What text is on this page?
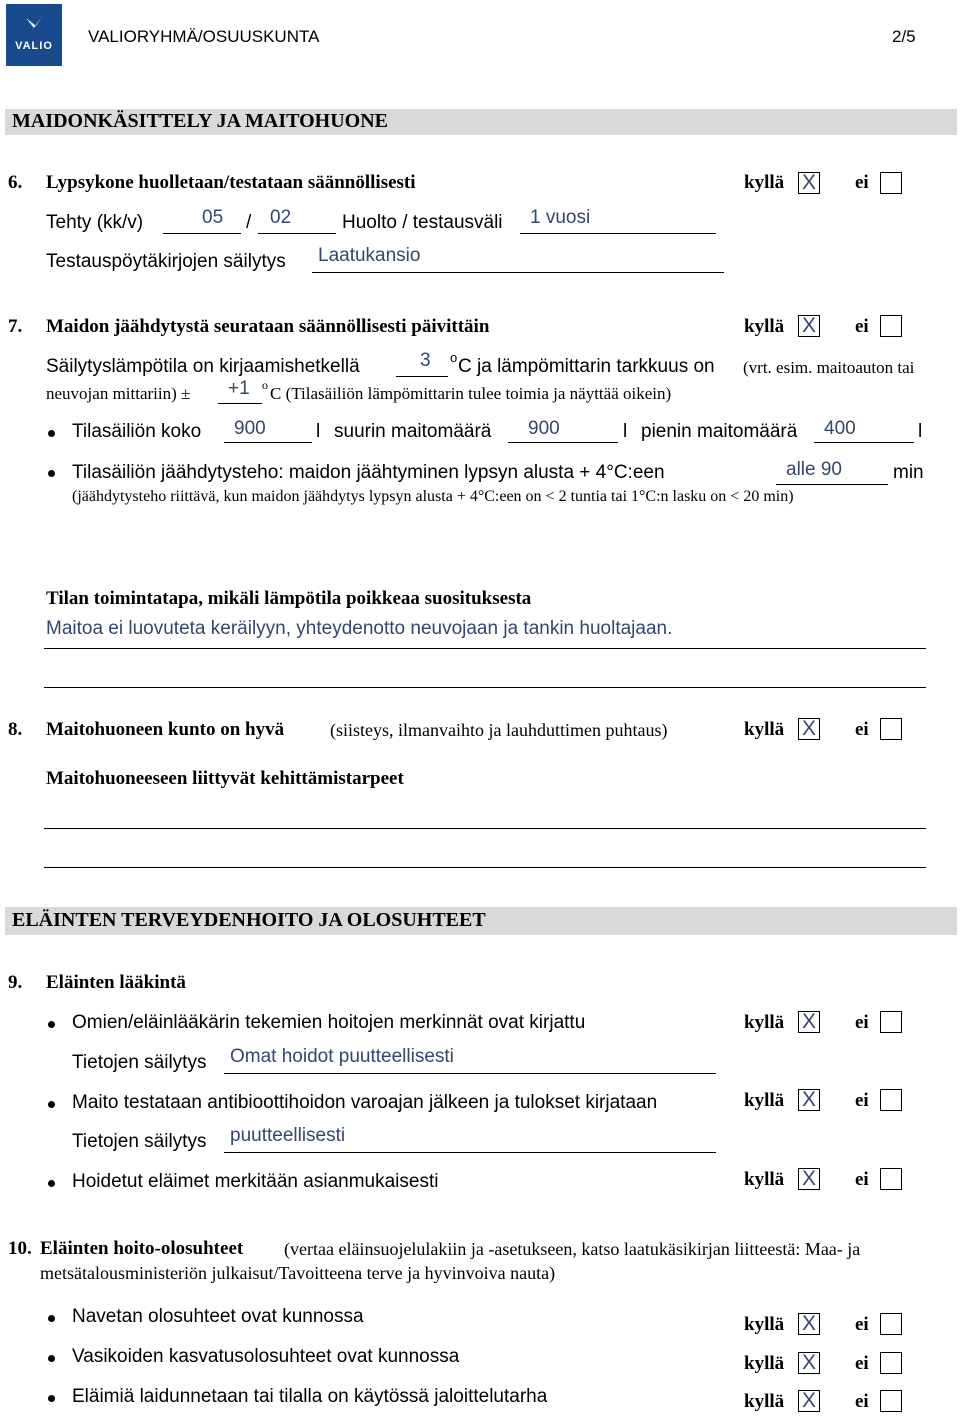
VALIO	VALIORYHMÄ/OSUUSKUNTA	2/5
MAIDONKÄSITTELY JA MAITOHUONE
6. Lypsykone huolletaan/testataan säännöllisesti	kyllä X ei
Tehty (kk/v)	05 / 02	Huolto / testausväli 1 vuosi
Testauspöytäkirjojen säilytys Laatukansio
7. Maidon jäähdytystä seurataan säännöllisesti päivittäin	kyllä X ei
Säilytyslämpötila on kirjaamishetkellä	3 o C ja lämpömittarin tarkkuus on (vrt. esim. maitoauton tai
neuvojan mittariin) ± +1 o C (Tilasäiliön lämpömittarin tulee toimia ja näyttää oikein)
Tilasäiliön koko 900	l suurin maitomäärä 900	l pienin maitomäärä 400	l
Tilasäiliön jäähdytysteho: maidon jäähtyminen lypsyn alusta + 4°C:een	alle 90	min
(jäähdytysteho riittävä, kun maidon jäähdytys lypsyn alusta + 4°C:een on < 2 tuntia tai 1°C:n lasku on < 20 min)
Tilan toimintatapa, mikäli lämpötila poikkeaa suosituksesta
Maitoa ei luovuteta keräilyyn, yhteydenotto neuvojaan ja tankin huoltajaan.
8. Maitohuoneen kunto on hyvä	(siisteys, ilmanvaihto ja lauhduttimen puhtaus)	kyllä X ei
Maitohuoneeseen liittyvät kehittämistarpeet
ELÄINTEN TERVEYDENHOITO JA OLOSUHTEET
9. Eläinten lääkintä
Omien/eläinlääkärin tekemien hoitojen merkinnät ovat kirjattu	kyllä X ei
Tietojen säilytys Omat hoidot puutteellisesti
Maito testataan antibioottihoidon varoajan jälkeen ja tulokset kirjataan	kyllä X ei
Tietojen säilytys puutteellisesti
Hoidetut eläimet merkitään asianmukaisesti	kyllä X ei
10. Eläinten hoito-olosuhteet (vertaa eläinsuojelulakiin ja -asetukseen, katso laatukäsikirjan liitteestä: Maa- ja
metsätalousministeriön julkaisut/Tavoitteena terve ja hyvinvoiva nauta)
Navetan olosuhteet ovat kunnossa	kyllä X ei
Vasikoiden kasvatusolosuhteet ovat kunnossa	kyllä X ei
Eläimiä laidunnetaan tai tilalla on käytössä jaloittelutarha	kyllä X ei
